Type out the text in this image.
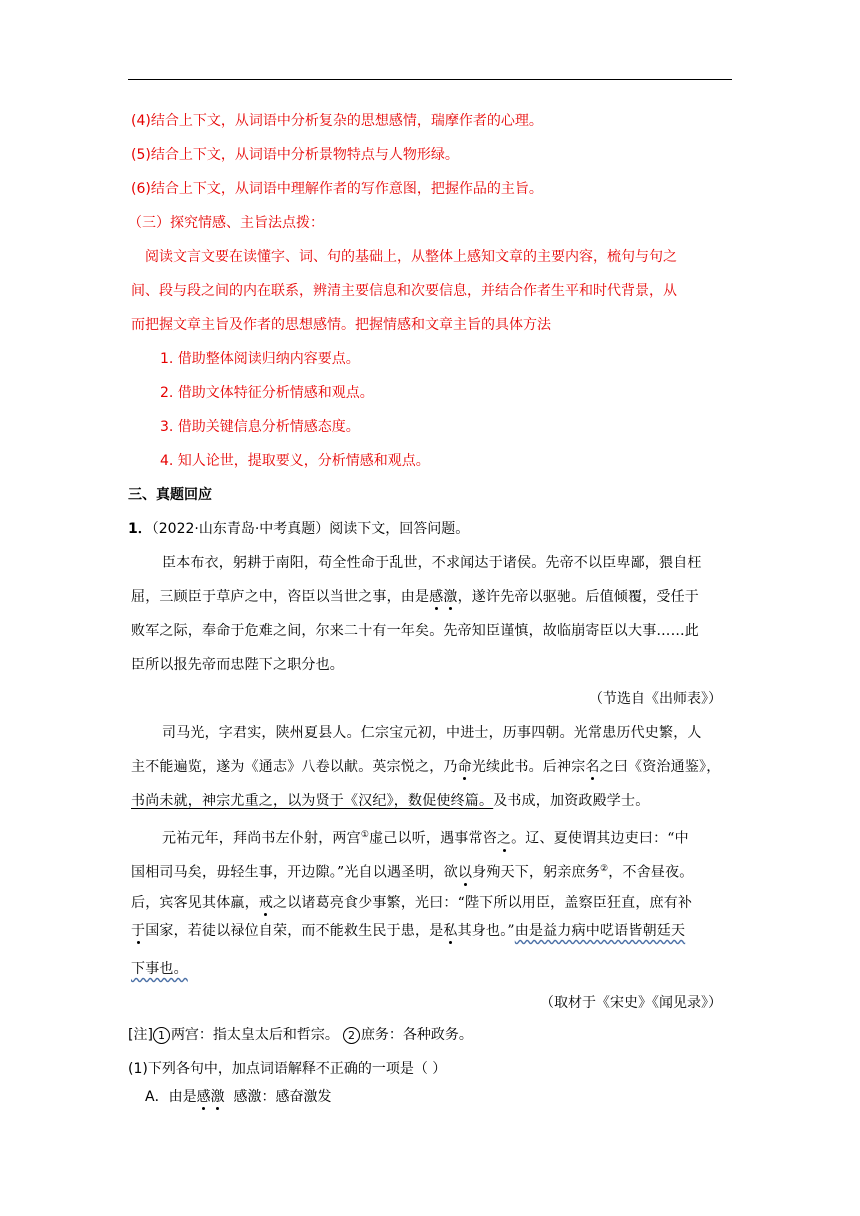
(4)结合上下文，从词语中分析复杂的思想感情，瑞摩作者的心理。
(5)结合上下文，从词语中分析景物特点与人物形绿。
(6)结合上下文，从词语中理解作者的写作意图，把握作品的主旨。
（三）探究情感、主旨法点拨：
阅读文言文要在读懂字、词、句的基础上，从整体上感知文章的主要内容，梳句与句之
间、段与段之间的内在联系，辨清主要信息和次要信息，并结合作者生平和时代背景，从
而把握文章主旨及作者的思想感情。把握情感和文章主旨的具体方法
1. 借助整体阅读归纳内容要点。
2. 借助文体特征分析情感和观点。
3. 借助关键信息分析情感态度。
4. 知人论世，提取要义，分析情感和观点。
三、真题回应
1．（2022·山东青岛·中考真题）阅读下文，回答问题。
臣本布衣，躬耕于南阳，苟全性命于乱世，不求闻达于诸侯。先帝不以臣卑鄙，猥自枉
屈，三顾臣于草庐之中，咨臣以当世之事，由是感激，遂许先帝以驱驰。后值倾覆，受任于
败军之际，奉命于危难之间，尔来二十有一年矣。先帝知臣谨慎，故临崩寄臣以大事……此
臣所以报先帝而忠陛下之职分也。
（节选自《出师表》）
司马光，字君实，陕州夏县人。仁宗宝元初，中进士，历事四朝。光常患历代史繁，人
主不能遍览，遂为《通志》八卷以献。英宗悦之，乃命光续此书。后神宗名之曰《资治通鉴》，
书尚未就，神宗尤重之，以为贤于《汉纪》，数促使终篇。及书成，加资政殿学士。
元祐元年，拜尚书左仆射，两宫①虚己以听，遇事常咨之。辽、夏使谓其边吏曰：“中
国相司马矣，毋轻生事，开边隙。”光自以遇圣明，欲以身殉天下，躬亲庶务②，不舍昼夜。
后，宾客见其体羸，戒之以诸葛亮食少事繁，光曰：“陛下所以用臣，盖察臣狂直，庶有补
于国家，若徒以禄位自荣，而不能救生民于患，是私其身也。”由是益力病中呓语皆朝廷天
下事也。
（取材于《宋史》《闻见录》）
[注] 1 两宫：指太皇太后和哲宗。 2 庶务：各种政务。
(1)下列各句中，加点词语解释不正确的一项是（ ）
A．由是感激  感激：感奋激发
